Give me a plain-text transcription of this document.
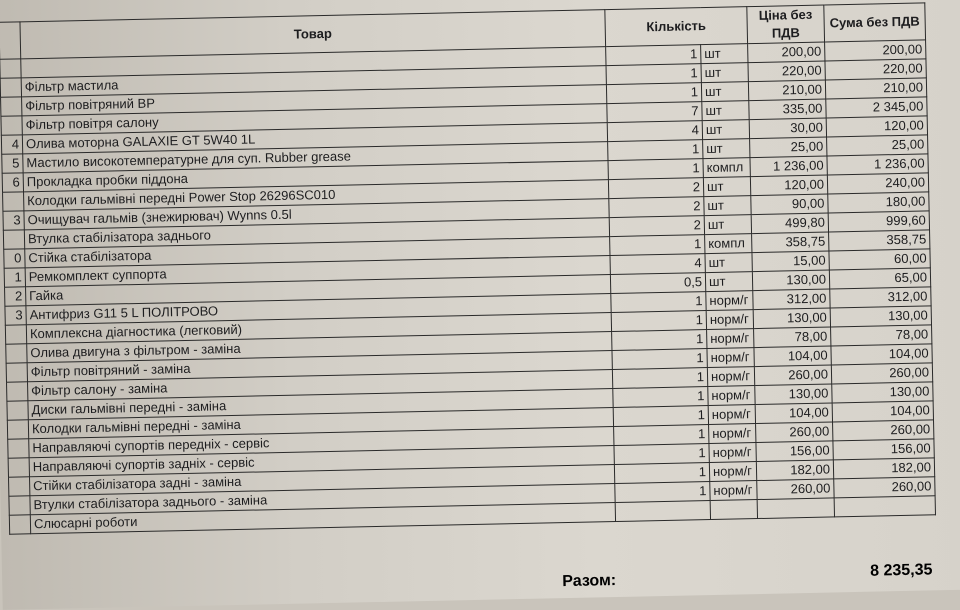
	Товар	Кількість		Ціна без ПДВ	Сума без ПДВ
		1	шт	200,00	200,00
	Фільтр мастила	1	шт	220,00	220,00
	Фільтр повітряний ВР	1	шт	210,00	210,00
	Фільтр повітря салону	7	шт	335,00	2 345,00
4	Олива моторна GALAXIE GT 5W40 1L	4	шт	30,00	120,00
5	Мастило високотемпературне для суп. Rubber grease	1	шт	25,00	25,00
6	Прокладка пробки піддона	1	компл	1 236,00	1 236,00
	Колодки гальмівні передні Power Stop 26296SC010	2	шт	120,00	240,00
3	Очищувач гальмів (знежирювач) Wynns 0.5l	2	шт	90,00	180,00
	Втулка стабілізатора заднього	2	шт	499,80	999,60
0	Стійка стабілізатора	1	компл	358,75	358,75
1	Ремкомплект суппорта	4	шт	15,00	60,00
2	Гайка	0,5	шт	130,00	65,00
3	Антифриз G11 5 L ПОЛІТРОВО	1	норм/г	312,00	312,00
	Комплексна діагностика (легковий)	1	норм/г	130,00	130,00
	Олива двигуна з фільтром - заміна	1	норм/г	78,00	78,00
	Фільтр повітряний - заміна	1	норм/г	104,00	104,00
	Фільтр салону - заміна	1	норм/г	260,00	260,00
	Диски гальмівні передні - заміна	1	норм/г	130,00	130,00
	Колодки гальмівні передні - заміна	1	норм/г	104,00	104,00
	Направляючі супортів передніх - сервіс	1	норм/г	260,00	260,00
	Направляючі супортів задніх - сервіс	1	норм/г	156,00	156,00
	Стійки стабілізатора задні - заміна	1	норм/г	182,00	182,00
	Втулки стабілізатора заднього - заміна	1	норм/г	260,00	260,00
	Слюсарні роботи				
Разом:
8 235,35
